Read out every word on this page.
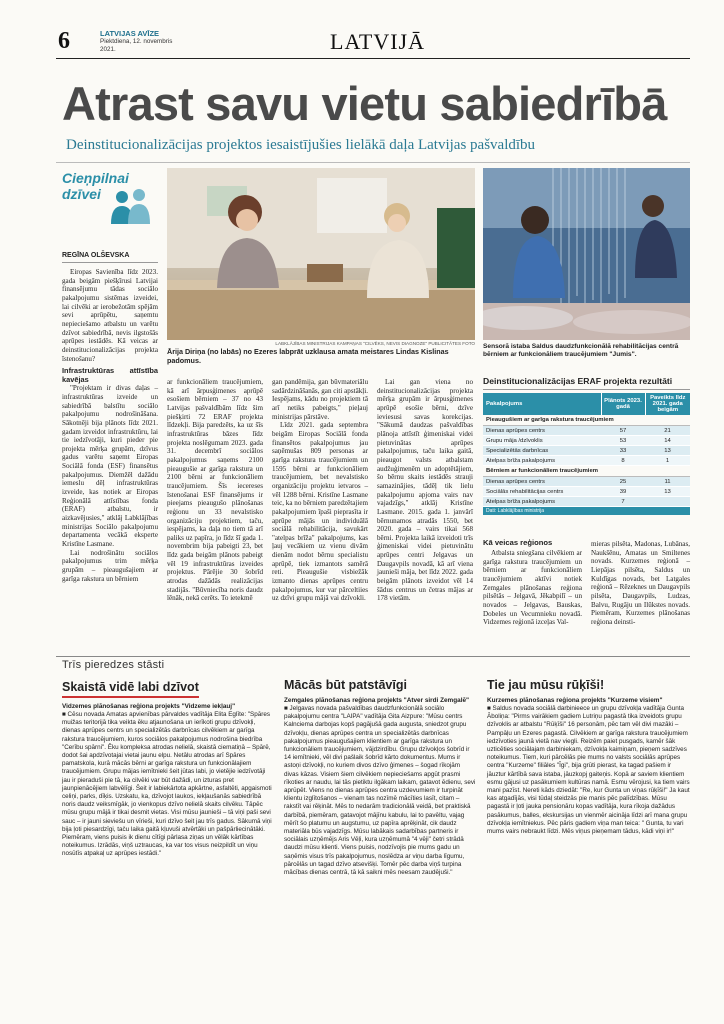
6	LATVIJAS AVĪZE
Piektdiena, 12. novembris
2021.	LATVIJĀ
Atrast savu vietu sabiedrībā
Deinstitucionalizācijas projektos iesaistījušies lielākā daļa Latvijas pašvaldību
Cieņpilnai
dzīvei
REGĪNA OLŠEVSKA
LABKLĀJĪBAS MINISTRIJAS KAMPAŅAS "CILVĒKS, NEVIS DIAGNOZE" PUBLICITĀTES FOTO
Ārija Diriņa (no labās) no Ezeres labprāt uzklausa amata meistares Lindas Kislinas padomus.
Sensorā istaba Saldus daudzfunkcionālā rehabilitācijas centrā bērniem ar funkcionāliem traucējumiem "Jumis".

Eiropas Savienība līdz 2023. gada beigām piešķīrusi Latvijai finansējumu tādas sociālo pakalpojumu sistēmas izveidei, lai cilvēki ar ierobežotām spējām sevi aprūpētu, saņemtu nepieciešamo atbalstu un varētu dzīvot sabiedrībā, nevis ilgstošās aprūpes iestādēs. Kā veicas ar deinstitucionalizācijas projekta īstenošanu?

Infrastruktūras attīstība kavējas

"Projektam ir divas daļas – infrastruktūras izveide un sabiedrībā balstītu sociālo pakalpojumu nodrošināšana. Sākotnēji bija plānots līdz 2021. gadam izveidot infrastruktūru, lai tie iedzīvotāji, kuri pieder pie projekta mērķa grupām, dzīvus gadus varētu saņemt Eiropas Sociālā fonda (ESF) finansētus pakalpojumus. Diemžēl dažādu iemeslu dēļ infrastruktūras izveide, kas notiek ar Eiropas Reģionālā attīstības fonda (ERAF) atbalstu, ir aizkavējusies," atklāj Labklājības ministrijas Sociālo pakalpojumu departamenta vecākā eksperte Kristīne Lasmane.

Lai nodrošinātu sociālos pakalpojumus trim mērķa grupām – pieaugušajiem ar garīga rakstura un bērniem

ar funkcionāliem traucējumiem, kā arī ārpusģimenes aprūpē esošiem bērniem – 37 no 43 Latvijas pašvaldībām līdz šim piešķirti 72 ERAF projekta līdzekļi. Bija paredzēts, ka uz šīs infrastruktūras bāzes līdz projekta noslēgumam 2023. gada 31. decembrī sociālos pakalpojumus saņems 2100 pieaugušie ar garīga rakstura un 2100 bērni ar funkcionāliem traucējumiem. Šīs iecereses īstenošanai ESF finansējums ir pieejams pieaugušo plānošanas reģionu un 33 nevalstisko organizāciju projektiem, taču, iespējams, ka daļa no tiem tā arī paliks uz papīra, jo līdz šī gada 1. novembrim bija pabeigti 23, bet līdz gada beigām plānots pabeigt vēl 19 infrastruktūras izveides projektus. Pārējie 30 šobrīd atrodas dažādās realizācijas stadijās. "Būvniecība noris daudz lēnāk, nekā cerēts. To ietekmē

gan pandēmija, gan būvmateriālu sadārdzināšanās, gan citi apstākļi. Iespējams, kādu no projektiem tā arī netiks pabeigts," pieļauj ministrijas pārstāve.

Līdz 2021. gada septembra beigām Eiropas Sociālā fonda finansētos pakalpojumus jau saņēmušas 809 personas ar garīga rakstura traucējumiem un 1595 bērni ar funkcionāliem traucējumiem, bet nevalstisko organizāciju projektu ietvaros – vēl 1288 bērni. Kristīne Lasmane teic, ka no bērniem paredzētajiem pakalpojumiem īpaši pieprasīta ir aprūpe mājās un individuālā sociālā rehabilitācija, savukārt "atelpas brīža" pakalpojums, kas ļauj vecākiem uz vienu divām dienām nodot bērnu specialistu aprūpē, tiek izmantots samērā reti. Pieaugušie visbiežāk izmanto dienas aprūpes centru pakalpojumus, kur var pārceltiies uz dzīvi grupu mājā vai dzīvokli.

Lai gan viena no deinstitucionalizācijas projekta mērķa grupām ir ārpusģimenes aprūpē esošie bērni, dzīve ieviesusi savas korekcijas. "Sākumā daudzas pašvaldības plānoja attīstīt ģimeniskai videi pietuvinātas aprūpes pakalpojumus, taču laika gaitā, pieaugot valsts atbalstam audžuģimenēm un adoptētājiem, šo bērnu skaits iestādēs strauji samazinājies, tādēļ tik lielu pakalpojumu apjoma vairs nav vajadzīgs," atklāj Kristīne Lasmane. 2015. gada 1. janvārī bērnunamos atradās 1550, bet 2020. gada – vairs tikai 568 bērni. Projekta laikā izveidoti trīs ģimeniskai videi pietuvinātu aprūpes centri Jelgavas un Daugavpils novadā, kā arī viena jaunieši māja, bet līdz 2022. gada beigām plānots izveidot vēl 14 šādus centrus un četras mājas ar 178 vietām.

Deinstitucionalizācijas ERAF projekta rezultāti
Pakalpojums	Plānots 2023. gadā	Paveikts līdz 2021. gada beigām
Pieaugušiem ar garīga rakstura traucējumiem		
Dienas aprūpes centrs	57	21
Grupu māja /dzīvoklis	53	14
Specializētās darbnīcas	33	13
Atelpas brīža pakalpojums	8	1
Bērniem ar funkcionāliem traucējumiem		
Dienas aprūpes centrs	25	11
Sociālās rehabilitācijas centrs	39	13
Atelpas brīža pakalpojums	7	
Dati: Labklājības ministrija
Kā veicas reģionos

Atbalsta sniegšana cilvēkiem ar garīga rakstura traucējumiem un bērniem ar funkcionāliem traucējumiem aktīvi notiek Zemgales plānošanas reģiona pilsētās – Jelgavā, Jēkabpilī – un novados – Jelgavas, Bauskas, Dobeles un Vecumnieku novadā. Vidzemes reģionā izceļas Val-

mieras pilsēta, Madonas, Lubānas, Naukšēnu, Amatas un Smiltenes novads. Kurzemes reģionā – Liepājas pilsēta, Saldus un Kuldīgas novads, bet Latgales reģionā – Rēzeknes un Daugavpils pilsēta, Daugavpils, Ludzas, Balvu, Rugāju un Ilūkstes novads. Piemēram, Kurzemes plānošanas reģiona deinsti-

Trīs pieredzes stāsti
Skaistā vidē labi dzīvot
Vidzemes plānošanas reģiona projekts "Vidzeme iekļauj"

■ Cēsu novada Amatas apvienības pārvaldes vadītāja Elita Eglīte: "Spāres muižas teritorijā tika veikta ēku atjaunošana un ierīkoti grupu dzīvokļi, dienas aprūpes centrs un specializētās darbnīcas cilvēkiem ar garīga rakstura traucējumiem, kuros sociālos pakalpojumus nodrošina biedrība "Cerību spārni". Ēku kompleksa atrodas nelielā, skaistā ciematiņā – Spārē, dodot šai apdzīvotajai vietai jaunu elpu. Netālu atrodas arī Spāres pamatskola, kurā mācās bērni ar garīga rakstura un funkcionālajiem traucējumiem. Grupu mājas iemītnieki šeit jūtas labi, jo vietējie iedzīvotāji jau ir pieraduši pie tā, ka cilvēki var būt dažādi, un izturas pret jaunpienācējiem labvēlīgi. Šeit ir labiekārtota apkārtne, asfaltēti, apgaismoti celiņi, parks, dīķis. Uzskatu, ka, dzīvojot laukos, iekļaušanās sabiedrībā noris daudz veiksmīgāk, jo vienkopus dzīvo nelielā skaits cilvēku. Tāpēc mūsu grupu mājā ir tikai desmit vietas. Visi mūsu jaunieši – tā viņi paši sevi sauc – ir jauni sieviešu un vīrieši, kuri dzīvo šeit jau trīs gadus. Sākumā viņi bija ļoti piesardzīgi, taču laika gaitā kļuvuši atvērtāki un pašpārliecinātāki. Piemēram, viens puisis ik dienu cītīgi pārlasa ziņas un vēlāk kārtības noteikumus. Izrādās, viņš uztraucas, ka var tos visus neizpildīt un viņu nosūtīs atpakaļ uz aprūpes iestādi."

Mācās būt patstāvīgi
Zemgales plānošanas reģiona projekts "Atver sirdi Zemgalē"

■ Jelgavas novada pašvaldības daudzfunkcionālā sociālo pakalpojumu centra "LAIPA" vadītāja Gita Aizpure: "Mūsu centrs Kalnciema darbojas kopš pagājušā gada augusta, sniedzot grupu dzīvokļu, dienas aprūpes centra un specializētās darbnīcas pakalpojumus pieaugušajiem klientiem ar garīga rakstura un funkcionāliem traucējumiem, vājdzirdību. Grupu dzīvokļos šobrīd ir 14 iemītnieki, vēl divi pašlaik šobrīd kārto dokumentus. Mums ir astoņi dzīvokļi, no kuriem divos dzīvo ģimenes – šogad rīkojām divas kāzas. Visiem šiem cilvēkiem nepieciešams apgūt prasmi rīkoties ar naudu, lai tās pietiktu ilgākam laikam, gatavot ēdienu, sevi aprūpēt. Viens no dienas aprūpes centra uzdevumiem ir turpināt klientu izglītošanos – vienam tas nozīmē mācīties lasīt, citam – rakstīt vai rēķināt. Mēs to nedarām tradicionālā veidā, bet praktiskā darbībā, piemēram, gatavojot mājīnu kabulu, lai to pavēltu, vajag mērīt šo platumu un augstumu, uz papīra aprēķināt, cik daudz materiāla būs vajadzīgs. Mūsu labākais sadarbības partneris ir sociālais uzņēmējs Aris Vēļi, kura uzņēmumā "4 vēji" četri strādā daudzi mūsu klienti. Viens puisis, nodzīvojis pie mums gadu un saņēmis visus trīs pakalpojumus, noslēdza ar viņu darba līgumu, pārcēlās un tagad dzīvo atsevišķi. Tomēr pēc darba viņš turpina mācības dienas centrā, tā kā saikni mēs neesam zaudējuši."

Tie jau mūsu rūķīši!
Kurzemes plānošanas reģiona projekts "Kurzeme visiem"

■ Saldus novada sociālā darbinieece un grupu dzīvokļa vadītāja Gunta Āboliņa: "Pirms vairākiem gadiem Lutriņu pagastā tika izveidots grupu dzīvoklis ar atbalstu "Rūķīši" 16 personām, pēc tam vēl divi mazāki – Pampāļu un Ezeres pagastā. Cilvēkiem ar garīga rakstura traucējumiem iedzīvoties jaunā vietā nav viegli. Reizēm paiet pusgads, kamēr šāk uzticēties sociālajam darbiniekam, dzīvokļa kaimiņam, pieņem sadzīves noteikumus. Tiem, kuri pārcēlās pie mums no valsts sociālās aprūpes centra "Kurzeme" filiāles "Īgi", bija grūti pierast, ka tagad pašiem ir jāuztur kārtībā sava istaba, jāuzkopj gaiteņis. Kopā ar saviem klientiem esmu gājusi uz pasākumiem kultūras namā. Esmu vērojusi, ka tiem vairs mani pazīst. Nereti kāds dziedāt: "Re, kur Gunta un viņas rūķīši!" Ja kaut kas atgadījās, visi tūdaļ steidzās pie manis pēc palīdzības. Mūsu pagastā ir ļoti jauka pensionāru kopas vadītāja, kura rīkoja dažādus pasākumus, balles, ekskursijas un vienmēr aicināja līdzi arī mana grupu dzīvokļa iemītniekus. Pēc pāris gadiem viņa man teica: " Gunta, tu vari mums vairs nebraukt līdzi. Mēs viņus pieņemam tādus, kādi viņi ir!"
